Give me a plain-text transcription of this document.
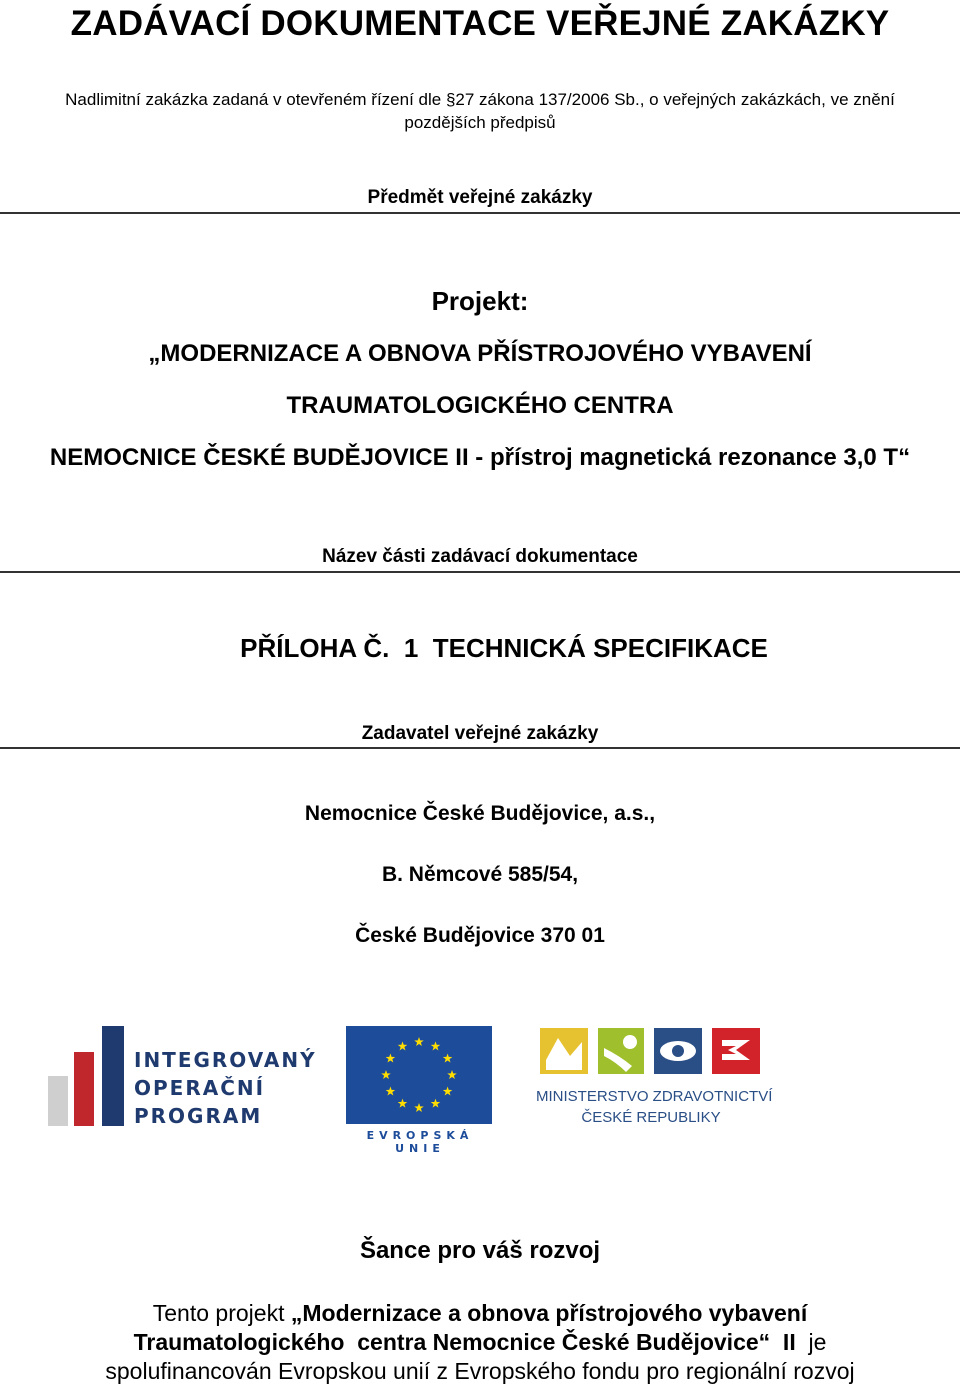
ZADÁVACÍ DOKUMENTACE VEŘEJNÉ ZAKÁZKY
Nadlimitní zakázka zadaná v otevřeném řízení dle §27 zákona 137/2006 Sb., o veřejných zakázkách, ve znění
pozdějších předpisů
Předmět veřejné zakázky
Projekt:
„MODERNIZACE A OBNOVA PŘÍSTROJOVÉHO VYBAVENÍ
TRAUMATOLOGICKÉHO CENTRA
NEMOCNICE ČESKÉ BUDĚJOVICE II - přístroj magnetická rezonance 3,0 T“
Název části zadávací dokumentace
PŘÍLOHA Č.  1  TECHNICKÁ SPECIFIKACE
Zadavatel veřejné zakázky
Nemocnice České Budějovice, a.s.,
B. Němcové 585/54,
České Budějovice 370 01
INTEGROVANÝ
OPERAČNÍ
PROGRAM
EVROPSKÁ UNIE
MINISTERSTVO ZDRAVOTNICTVÍ
ČESKÉ REPUBLIKY
Šance pro váš rozvoj
Tento projekt „Modernizace a obnova přístrojového vybavení
Traumatologického  centra Nemocnice České Budějovice“  II  je
spolufinancován Evropskou unií z Evropského fondu pro regionální rozvoj
